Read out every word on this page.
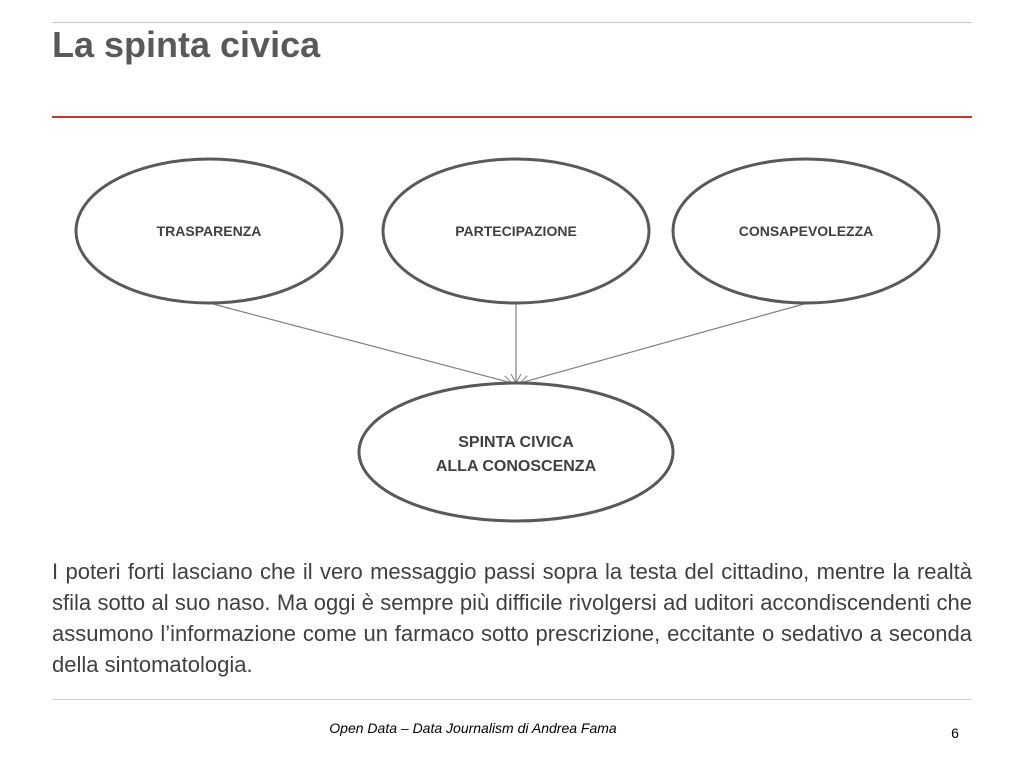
La spinta civica
TRASPARENZA	PARTECIPAZIONE	CONSAPEVOLEZZA
SPINTA CIVICA
ALLA CONOSCENZA

I poteri forti lasciano che il vero messaggio passi sopra la testa del cittadino, mentre la realtà sfila sotto al suo naso. Ma oggi è sempre più difficile rivolgersi ad uditori accondiscendenti che assumono l’informazione come un farmaco sotto prescrizione, eccitante o sedativo a seconda della sintomatologia.

Open Data – Data Journalism di Andrea Fama	6
